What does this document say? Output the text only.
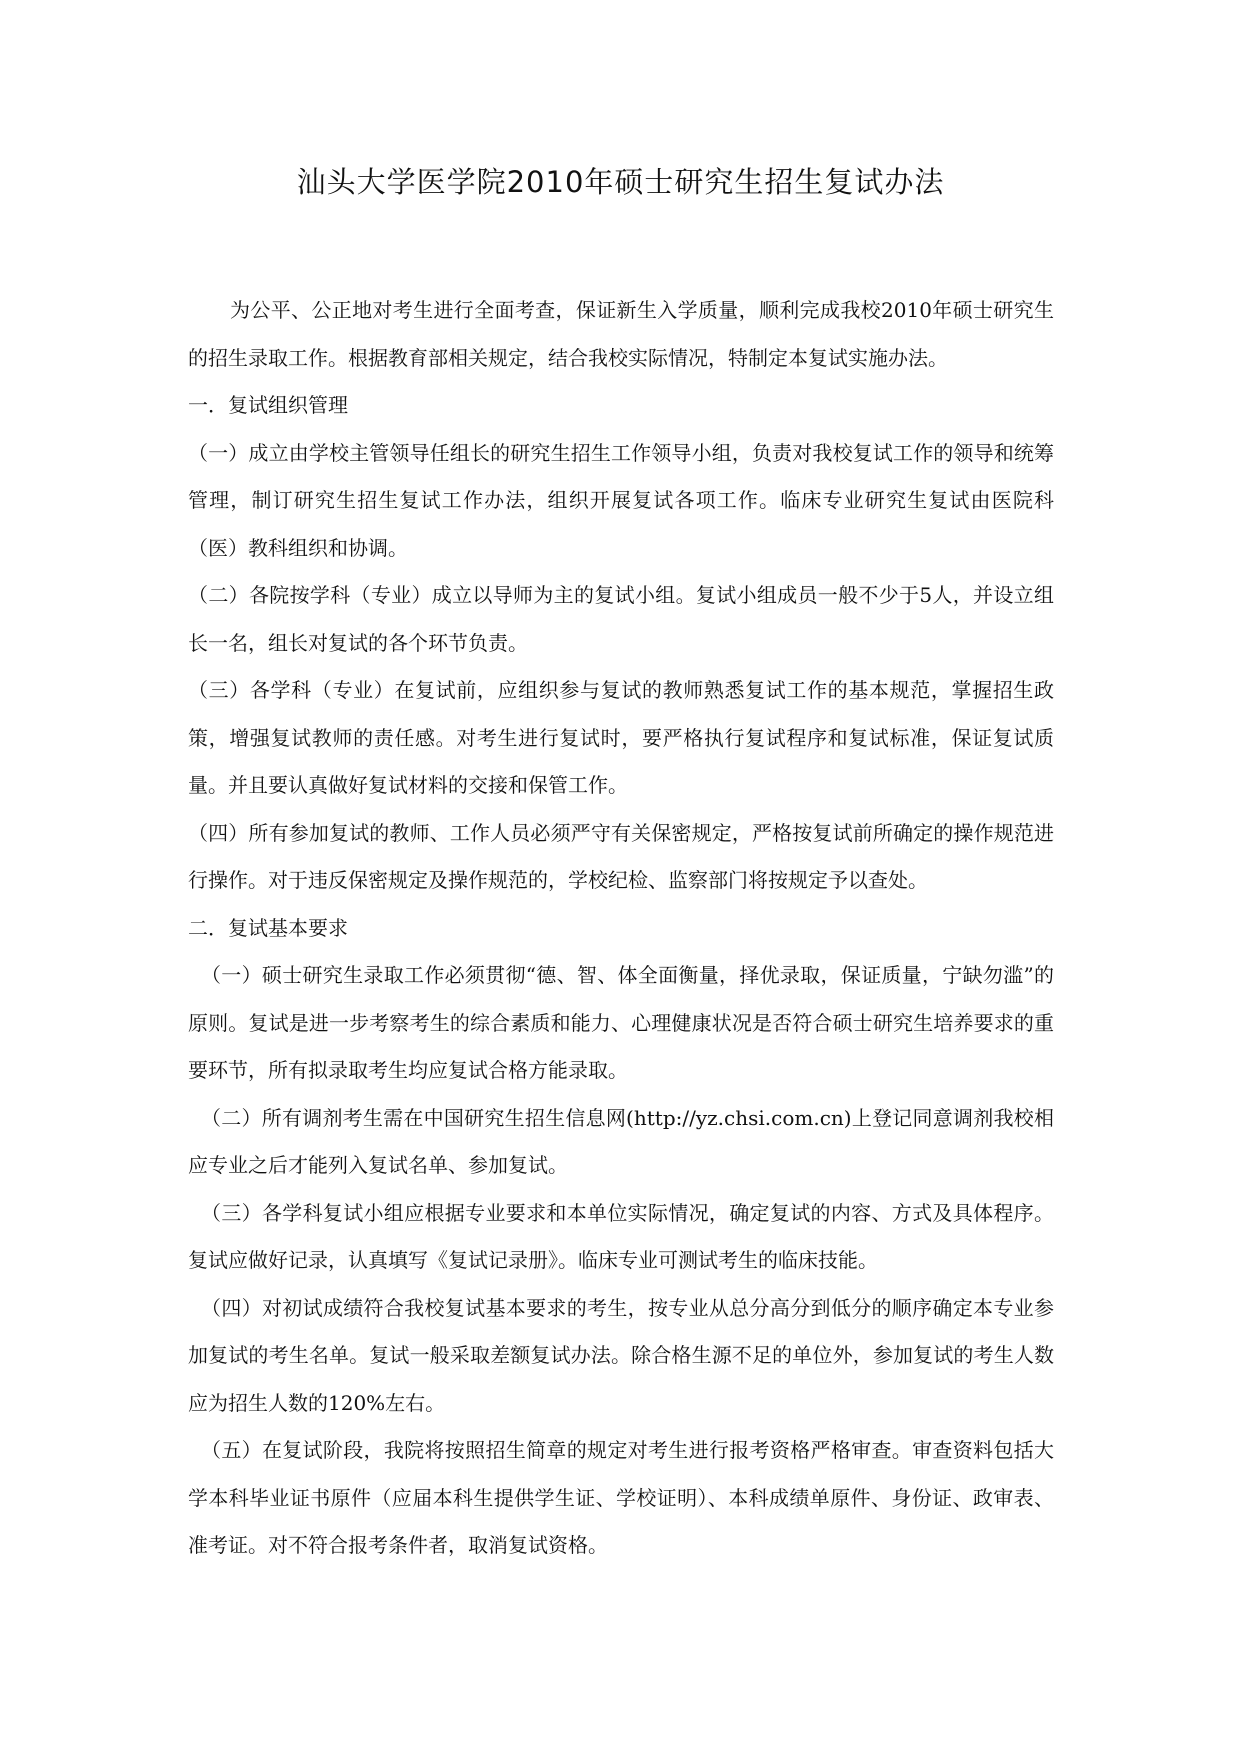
汕头大学医学院2010年硕士研究生招生复试办法

为公平、公正地对考生进行全面考查，保证新生入学质量，顺利完成我校2010年硕士研究生的招生录取工作。根据教育部相关规定，结合我校实际情况，特制定本复试实施办法。

一．复试组织管理

（一）成立由学校主管领导任组长的研究生招生工作领导小组，负责对我校复试工作的领导和统筹管理，制订研究生招生复试工作办法，组织开展复试各项工作。临床专业研究生复试由医院科（医）教科组织和协调。

（二）各院按学科（专业）成立以导师为主的复试小组。复试小组成员一般不少于5人，并设立组长一名，组长对复试的各个环节负责。

（三）各学科（专业）在复试前，应组织参与复试的教师熟悉复试工作的基本规范，掌握招生政策，增强复试教师的责任感。对考生进行复试时，要严格执行复试程序和复试标准，保证复试质量。并且要认真做好复试材料的交接和保管工作。

（四）所有参加复试的教师、工作人员必须严守有关保密规定，严格按复试前所确定的操作规范进行操作。对于违反保密规定及操作规范的，学校纪检、监察部门将按规定予以查处。

二．复试基本要求

（一）硕士研究生录取工作必须贯彻“德、智、体全面衡量，择优录取，保证质量，宁缺勿滥”的原则。复试是进一步考察考生的综合素质和能力、心理健康状况是否符合硕士研究生培养要求的重要环节，所有拟录取考生均应复试合格方能录取。

（二）所有调剂考生需在中国研究生招生信息网(http://yz.chsi.com.cn)上登记同意调剂我校相应专业之后才能列入复试名单、参加复试。

（三）各学科复试小组应根据专业要求和本单位实际情况，确定复试的内容、方式及具体程序。复试应做好记录，认真填写《复试记录册》。临床专业可测试考生的临床技能。

（四）对初试成绩符合我校复试基本要求的考生，按专业从总分高分到低分的顺序确定本专业参加复试的考生名单。复试一般采取差额复试办法。除合格生源不足的单位外，参加复试的考生人数应为招生人数的120%左右。

（五）在复试阶段，我院将按照招生简章的规定对考生进行报考资格严格审查。审查资料包括大学本科毕业证书原件（应届本科生提供学生证、学校证明）、本科成绩单原件、身份证、政审表、准考证。对不符合报考条件者，取消复试资格。
